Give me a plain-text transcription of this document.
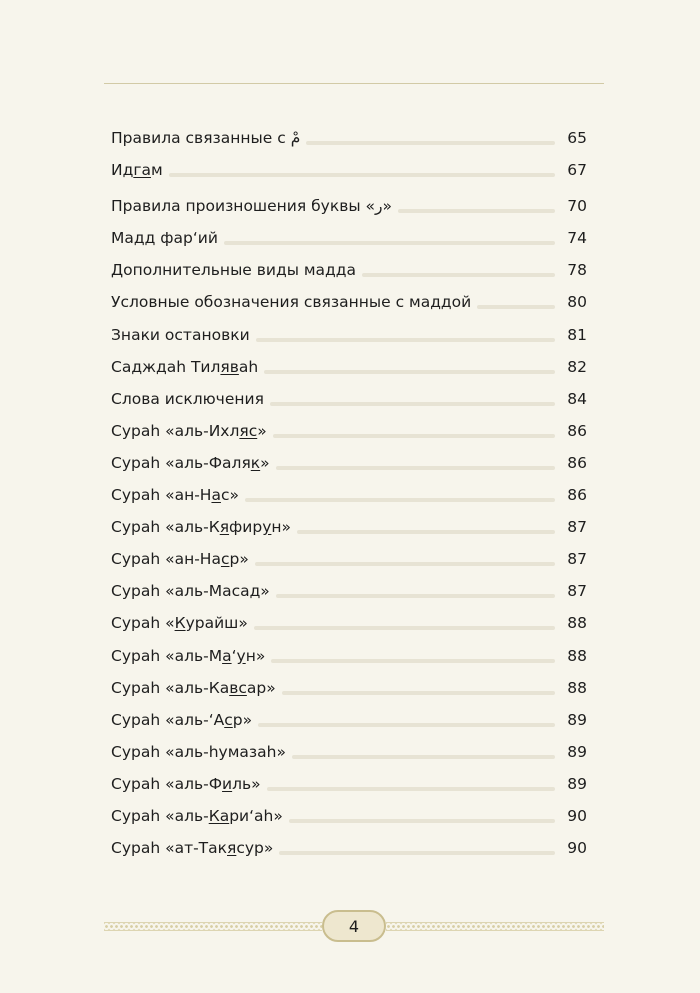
Правила связанные с مْ	65
Идгам	67
Правила произношения буквы «ر»	70
Мадд фар‘ий	74
Дополнительные виды мадда	78
Условные обозначения связанные с маддой	80
Знаки остановки	81
Садждаh Тиляваh	82
Слова исключения	84
Сураh «аль-Ихляс»	86
Сураh «аль-Фаляк»	86
Сураh «ан-Нас»	86
Сураh «аль-Кяфирун»	87
Сураh «ан-Наср»	87
Сураh «аль-Масад»	87
Сураh «Курайш»	88
Сураh «аль-Ма‘ун»	88
Сураh «аль-Кавсар»	88
Сураh «аль-‘Аср»	89
Сураh «аль-hумазаh»	89
Сураh «аль-Филь»	89
Сураh «аль-Кари‘аh»	90
Сураh «ат-Такясур»	90
4
